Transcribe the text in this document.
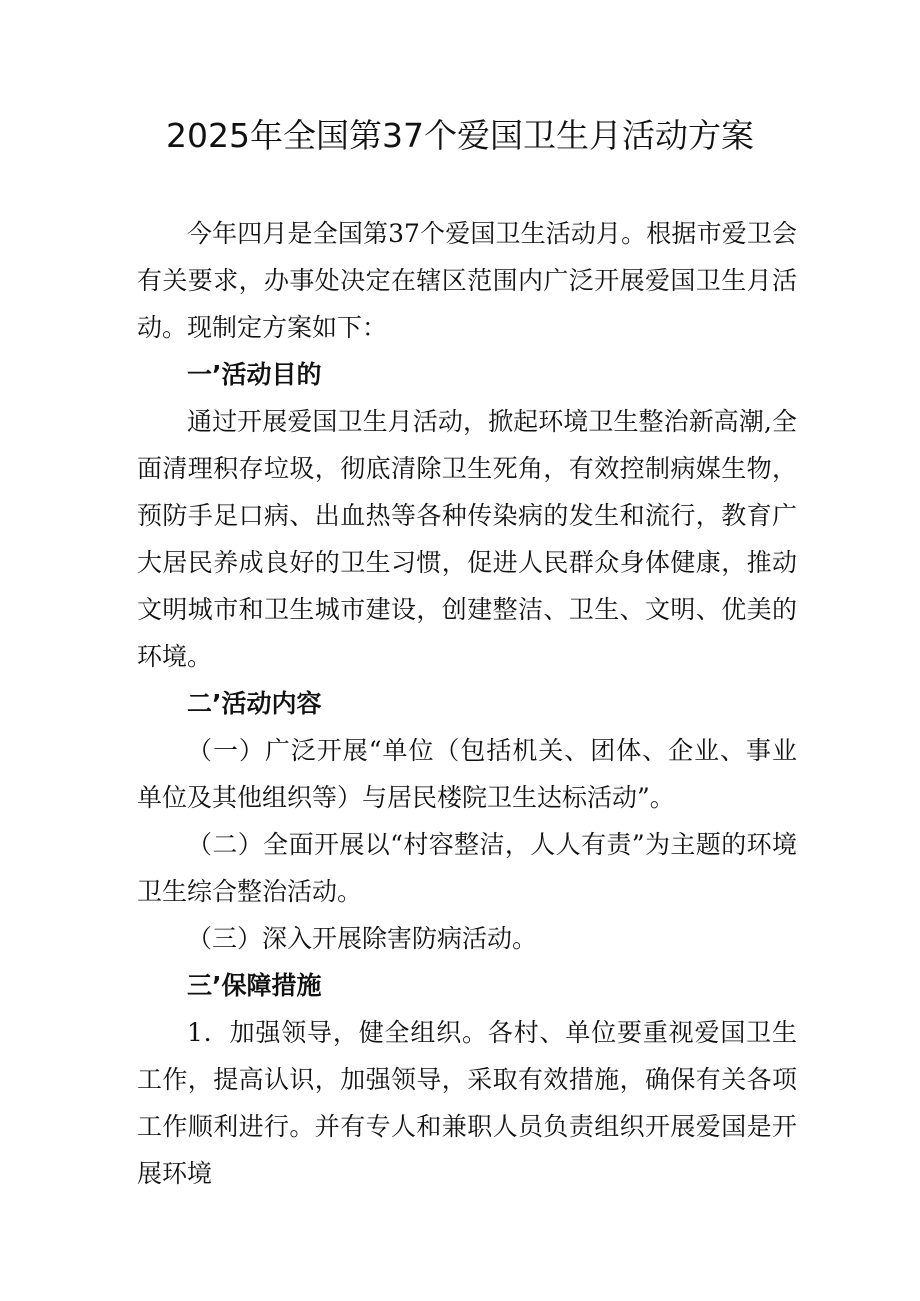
2025年全国第37个爱国卫生月活动方案

今年四月是全国第37个爱国卫生活动月。根据市爱卫会有关要求，办事处决定在辖区范围内广泛开展爱国卫生月活动。现制定方案如下：

一’活动目的

通过开展爱国卫生月活动，掀起环境卫生整治新高潮,全面清理积存垃圾，彻底清除卫生死角，有效控制病媒生物，预防手足口病、出血热等各种传染病的发生和流行，教育广大居民养成良好的卫生习惯，促进人民群众身体健康，推动文明城市和卫生城市建设，创建整洁、卫生、文明、优美的环境。

二’活动内容

（一）广泛开展“单位（包括机关、团体、企业、事业单位及其他组织等）与居民楼院卫生达标活动”。

（二）全面开展以“村容整洁，人人有责”为主题的环境卫生综合整治活动。

（三）深入开展除害防病活动。

三’保障措施

1．加强领导，健全组织。各村、单位要重视爱国卫生工作，提高认识，加强领导，采取有效措施，确保有关各项工作顺利进行。并有专人和兼职人员负责组织开展爱国是开展环境
